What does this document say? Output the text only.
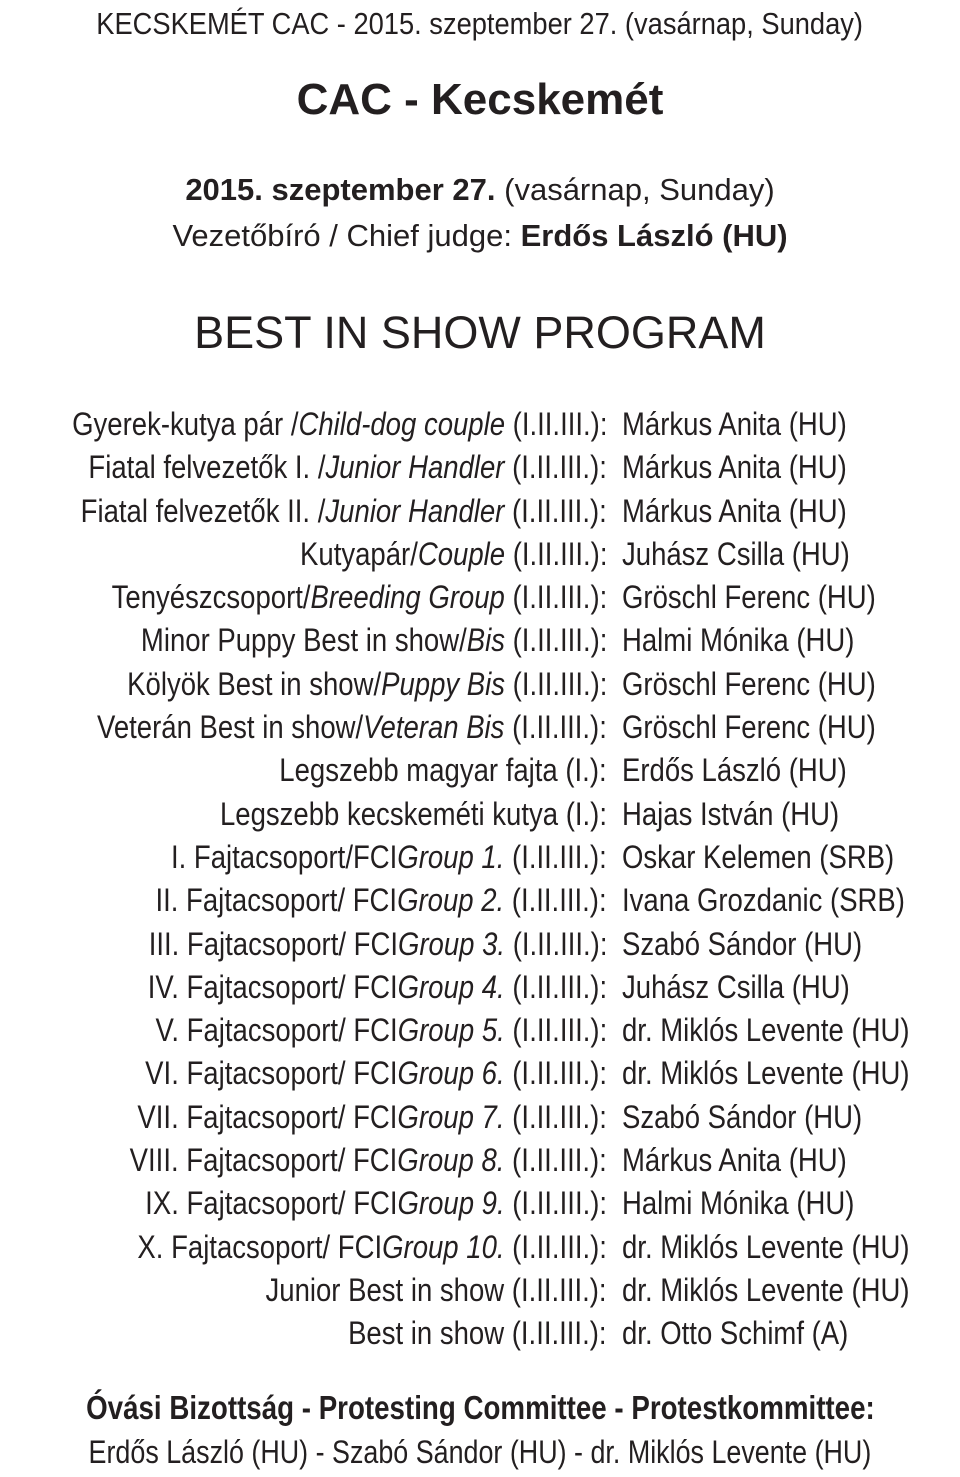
KECSKEMÉT CAC - 2015. szeptember 27. (vasárnap, Sunday)
CAC - Kecskemét
2015. szeptember 27. (vasárnap, Sunday)
Vezetőbíró / Chief judge: Erdős László (HU)
BEST IN SHOW PROGRAM
Gyerek-kutya pár /Child-dog couple (I.II.III.): Márkus Anita (HU)
Fiatal felvezetők I. /Junior Handler (I.II.III.): Márkus Anita (HU)
Fiatal felvezetők II. /Junior Handler (I.II.III.): Márkus Anita (HU)
Kutyapár/Couple (I.II.III.): Juhász Csilla (HU)
Tenyészcsoport/Breeding Group (I.II.III.): Gröschl Ferenc (HU)
Minor Puppy Best in show/Bis (I.II.III.): Halmi Mónika (HU)
Kölyök Best in show/Puppy Bis (I.II.III.): Gröschl Ferenc (HU)
Veterán Best in show/Veteran Bis (I.II.III.): Gröschl Ferenc (HU)
Legszebb magyar fajta (I.): Erdős László (HU)
Legszebb kecskeméti kutya (I.): Hajas István (HU)
I. Fajtacsoport/FCIGroup 1. (I.II.III.): Oskar Kelemen (SRB)
II. Fajtacsoport/ FCIGroup 2. (I.II.III.): Ivana Grozdanic (SRB)
III. Fajtacsoport/ FCIGroup 3. (I.II.III.): Szabó Sándor (HU)
IV. Fajtacsoport/ FCIGroup 4. (I.II.III.): Juhász Csilla (HU)
V. Fajtacsoport/ FCIGroup 5. (I.II.III.): dr. Miklós Levente (HU)
VI. Fajtacsoport/ FCIGroup 6. (I.II.III.): dr. Miklós Levente (HU)
VII. Fajtacsoport/ FCIGroup 7. (I.II.III.): Szabó Sándor (HU)
VIII. Fajtacsoport/ FCIGroup 8. (I.II.III.): Márkus Anita (HU)
IX. Fajtacsoport/ FCIGroup 9. (I.II.III.): Halmi Mónika (HU)
X. Fajtacsoport/ FCIGroup 10. (I.II.III.): dr. Miklós Levente (HU)
Junior Best in show (I.II.III.): dr. Miklós Levente (HU)
Best in show (I.II.III.): dr. Otto Schimf (A)
Óvási Bizottság - Protesting Committee - Protestkommittee:
Erdős László (HU) - Szabó Sándor (HU) - dr. Miklós Levente (HU)
